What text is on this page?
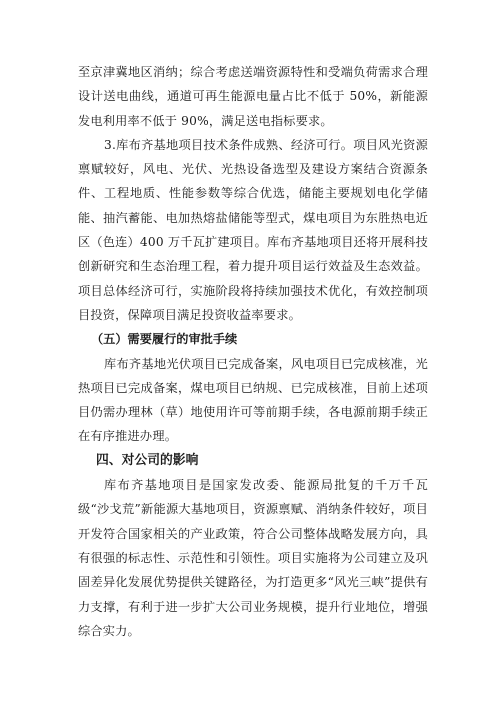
至京津冀地区消纳；综合考虑送端资源特性和受端负荷需求合理设计送电曲线，通道可再生能源电量占比不低于 50%，新能源发电利用率不低于 90%，满足送电指标要求。

3.库布齐基地项目技术条件成熟、经济可行。项目风光资源禀赋较好，风电、光伏、光热设备选型及建设方案结合资源条件、工程地质、性能参数等综合优选，储能主要规划电化学储能、抽汽蓄能、电加热熔盐储能等型式，煤电项目为东胜热电近区（色连）400 万千瓦扩建项目。库布齐基地项目还将开展科技创新研究和生态治理工程，着力提升项目运行效益及生态效益。项目总体经济可行，实施阶段将持续加强技术优化，有效控制项目投资，保障项目满足投资收益率要求。

（五）需要履行的审批手续

库布齐基地光伏项目已完成备案，风电项目已完成核准，光热项目已完成备案，煤电项目已纳规、已完成核准，目前上述项目仍需办理林（草）地使用许可等前期手续，各电源前期手续正在有序推进办理。

四、对公司的影响

库布齐基地项目是国家发改委、能源局批复的千万千瓦级“沙戈荒”新能源大基地项目，资源禀赋、消纳条件较好，项目开发符合国家相关的产业政策，符合公司整体战略发展方向，具有很强的标志性、示范性和引领性。项目实施将为公司建立及巩固差异化发展优势提供关键路径，为打造更多“风光三峡”提供有力支撑，有利于进一步扩大公司业务规模，提升行业地位，增强综合实力。
